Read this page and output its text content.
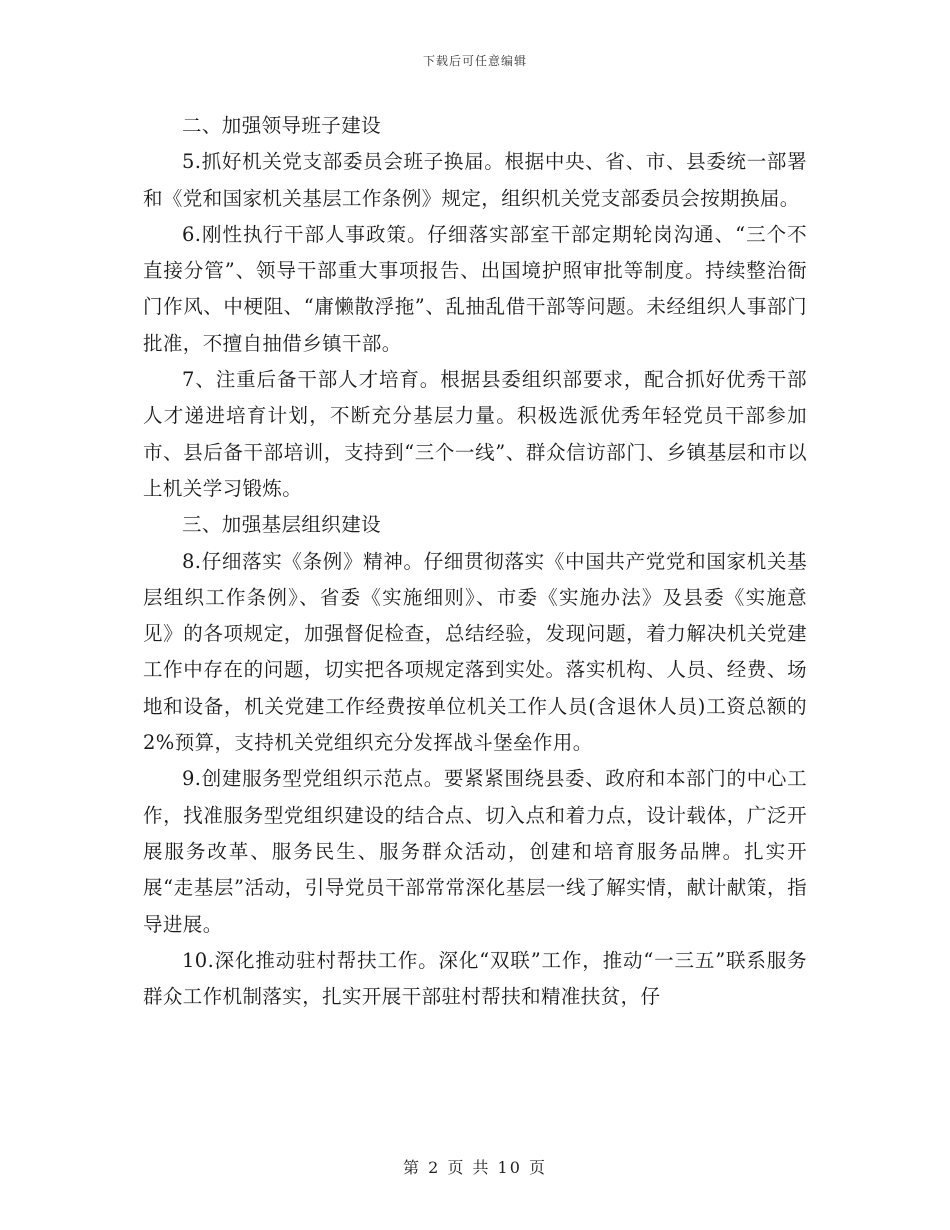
下载后可任意编辑

二、加强领导班子建设

5.抓好机关党支部委员会班子换届。根据中央、省、市、县委统一部署和《党和国家机关基层工作条例》规定，组织机关党支部委员会按期换届。

6.刚性执行干部人事政策。仔细落实部室干部定期轮岗沟通、“三个不直接分管”、领导干部重大事项报告、出国境护照审批等制度。持续整治衙门作风、中梗阻、“庸懒散浮拖”、乱抽乱借干部等问题。未经组织人事部门批准，不擅自抽借乡镇干部。

7、注重后备干部人才培育。根据县委组织部要求，配合抓好优秀干部人才递进培育计划，不断充分基层力量。积极选派优秀年轻党员干部参加市、县后备干部培训，支持到“三个一线”、群众信访部门、乡镇基层和市以上机关学习锻炼。

三、加强基层组织建设

8.仔细落实《条例》精神。仔细贯彻落实《中国共产党党和国家机关基层组织工作条例》、省委《实施细则》、市委《实施办法》及县委《实施意见》的各项规定，加强督促检查，总结经验，发现问题，着力解决机关党建工作中存在的问题，切实把各项规定落到实处。落实机构、人员、经费、场地和设备，机关党建工作经费按单位机关工作人员(含退休人员)工资总额的2%预算，支持机关党组织充分发挥战斗堡垒作用。

9.创建服务型党组织示范点。要紧紧围绕县委、政府和本部门的中心工作，找准服务型党组织建设的结合点、切入点和着力点，设计载体，广泛开展服务改革、服务民生、服务群众活动，创建和培育服务品牌。扎实开展“走基层”活动，引导党员干部常常深化基层一线了解实情，献计献策，指导进展。

10.深化推动驻村帮扶工作。深化“双联”工作，推动“一三五”联系服务群众工作机制落实，扎实开展干部驻村帮扶和精准扶贫，仔

第 2 页 共 10 页
